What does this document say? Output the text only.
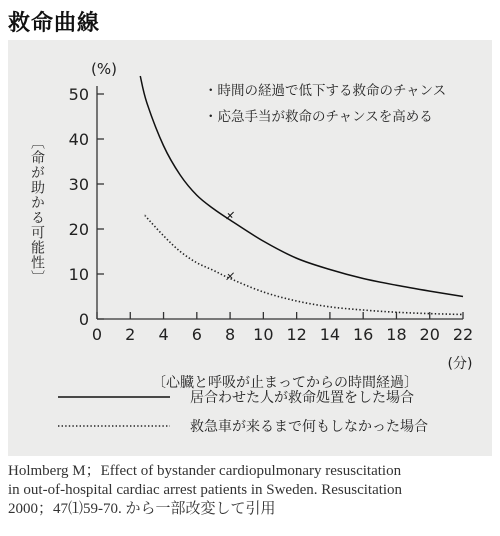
救命曲線
0
10
20
30
40
50
0 2 4 6 8 10 12 14 16 18 20 22
(%)
・時間の経過で低下する救命のチャンス
・応急手当が救命のチャンスを高める
〔命が助かる可能性〕
(分)
〔心臓と呼吸が止まってからの時間経過〕
居合わせた人が救命処置をした場合
救急車が来るまで何もしなかった場合
Holmberg M；Effect of bystander cardiopulmonary resuscitation
in out-of-hospital cardiac arrest patients in Sweden. Resuscitation
2000；47⑴59-70. から一部改変して引用
